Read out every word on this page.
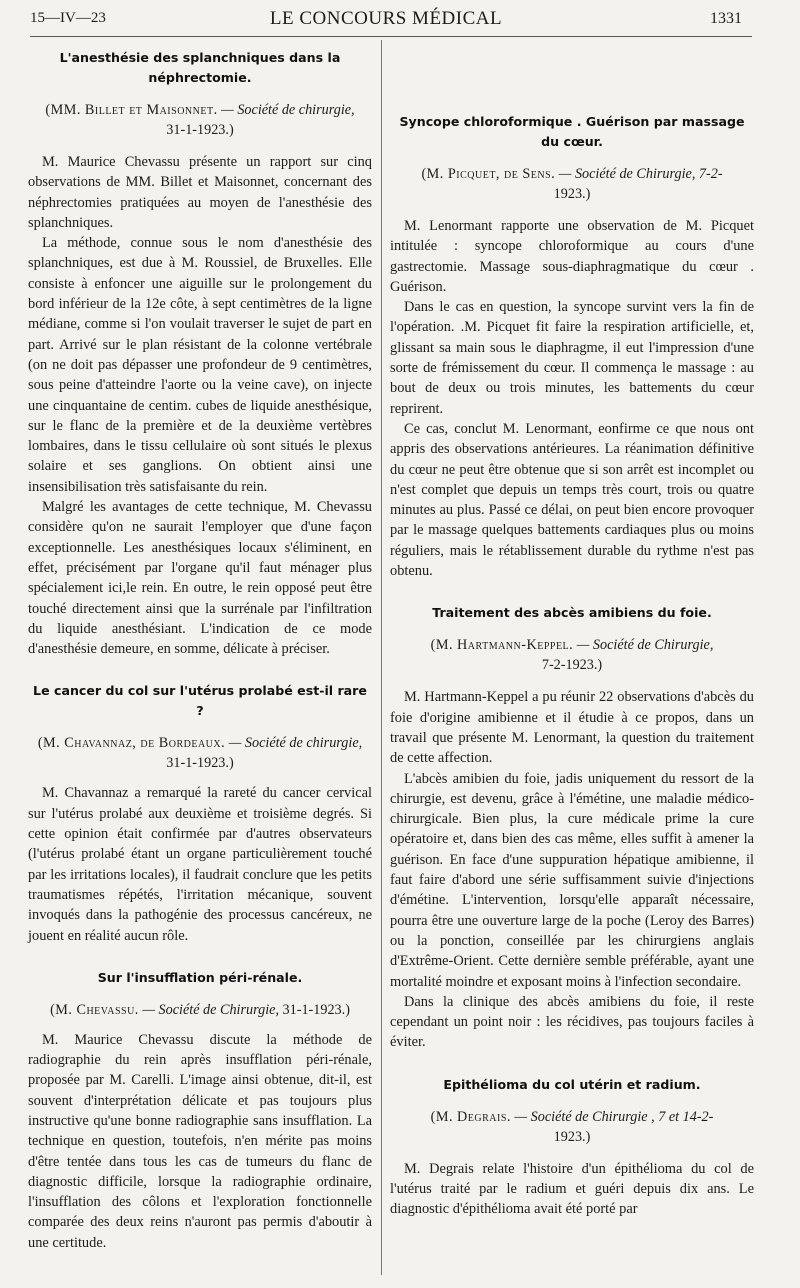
15—IV—23	LE CONCOURS MÉDICAL	1331
L'anesthésie des splanchniques dans la néphrectomie.
(MM. Billet et Maisonnet. — Société de chirurgie,
31-1-1923.)

M. Maurice Chevassu présente un rapport sur cinq observations de MM. Billet et Maisonnet, concernant des néphrectomies pratiquées au moyen de l'anesthésie des splanchniques.

La méthode, connue sous le nom d'anesthésie des splanchniques, est due à M. Roussiel, de Bruxelles. Elle consiste à enfoncer une aiguille sur le prolongement du bord inférieur de la 12e côte, à sept centimètres de la ligne médiane, comme si l'on voulait traverser le sujet de part en part. Arrivé sur le plan résistant de la colonne vertébrale (on ne doit pas dépasser une profondeur de 9 centimètres, sous peine d'atteindre l'aorte ou la veine cave), on injecte une cinquantaine de centim. cubes de liquide anesthésique, sur le flanc de la première et de la deuxième vertèbres lombaires, dans le tissu cellulaire où sont situés le plexus solaire et ses ganglions. On obtient ainsi une insensibilisation très satisfaisante du rein.

Malgré les avantages de cette technique, M. Chevassu considère qu'on ne saurait l'employer que d'une façon exceptionnelle. Les anesthésiques locaux s'éliminent, en effet, précisément par l'organe qu'il faut ménager plus spécialement ici,le rein. En outre, le rein opposé peut être touché directement ainsi que la surrénale par l'infiltration du liquide anesthésiant. L'indication de ce mode d'anesthésie demeure, en somme, délicate à préciser.

Le cancer du col sur l'utérus prolabé est-il rare ?
(M. Chavannaz, de Bordeaux. — Société de chirurgie,
31-1-1923.)

M. Chavannaz a remarqué la rareté du cancer cervical sur l'utérus prolabé aux deuxième et troisième degrés. Si cette opinion était confirmée par d'autres observateurs (l'utérus prolabé étant un organe particulièrement touché par les irritations locales), il faudrait conclure que les petits traumatismes répétés, l'irritation mécanique, souvent invoqués dans la pathogénie des processus cancéreux, ne jouent en réalité aucun rôle.

Sur l'insufflation péri-rénale.
(M. Chevassu. — Société de Chirurgie, 31-1-1923.)

M. Maurice Chevassu discute la méthode de radiographie du rein après insufflation péri-rénale, proposée par M. Carelli. L'image ainsi obtenue, dit-il, est souvent d'interprétation délicate et pas toujours plus instructive qu'une bonne radiographie sans insufflation. La technique en question, toutefois, n'en mérite pas moins d'être tentée dans tous les cas de tumeurs du flanc de diagnostic difficile, lorsque la radiographie ordinaire, l'insufflation des côlons et l'exploration fonctionnelle comparée des deux reins n'auront pas permis d'aboutir à une certitude.

Syncope chloroformique . Guérison par massage du cœur.
(M. Picquet, de Sens. — Société de Chirurgie, 7-2-
1923.)

M. Lenormant rapporte une observation de M. Picquet intitulée : syncope chloroformique au cours d'une gastrectomie. Massage sous-diaphragmatique du cœur . Guérison.

Dans le cas en question, la syncope survint vers la fin de l'opération. .M. Picquet fit faire la respiration artificielle, et, glissant sa main sous le diaphragme, il eut l'impression d'une sorte de frémissement du cœur. Il commença le massage : au bout de deux ou trois minutes, les battements du cœur reprirent.

Ce cas, conclut M. Lenormant, eonfirme ce que nous ont appris des observations antérieures. La réanimation définitive du cœur ne peut être obtenue que si son arrêt est incomplet ou n'est complet que depuis un temps très court, trois ou quatre minutes au plus. Passé ce délai, on peut bien encore provoquer par le massage quelques battements cardiaques plus ou moins réguliers, mais le rétablissement durable du rythme n'est pas obtenu.

Traitement des abcès amibiens du foie.
(M. Hartmann-Keppel. — Société de Chirurgie,
7-2-1923.)

M. Hartmann-Keppel a pu réunir 22 observations d'abcès du foie d'origine amibienne et il étudie à ce propos, dans un travail que présente M. Lenormant, la question du traitement de cette affection.

L'abcès amibien du foie, jadis uniquement du ressort de la chirurgie, est devenu, grâce à l'émétine, une maladie médico-chirurgicale. Bien plus, la cure médicale prime la cure opératoire et, dans bien des cas même, elles suffit à amener la guérison. En face d'une suppuration hépatique amibienne, il faut faire d'abord une série suffisamment suivie d'injections d'émétine. L'intervention, lorsqu'elle apparaît nécessaire, pourra être une ouverture large de la poche (Leroy des Barres) ou la ponction, conseillée par les chirurgiens anglais d'Extrême-Orient. Cette dernière semble préférable, ayant une mortalité moindre et exposant moins à l'infection secondaire.

Dans la clinique des abcès amibiens du foie, il reste cependant un point noir : les récidives, pas toujours faciles à éviter.

Epithélioma du col utérin et radium.
(M. Degrais. — Société de Chirurgie , 7 et 14-2-
1923.)

M. Degrais relate l'histoire d'un épithélioma du col de l'utérus traité par le radium et guéri depuis dix ans. Le diagnostic d'épithélioma avait été porté par
